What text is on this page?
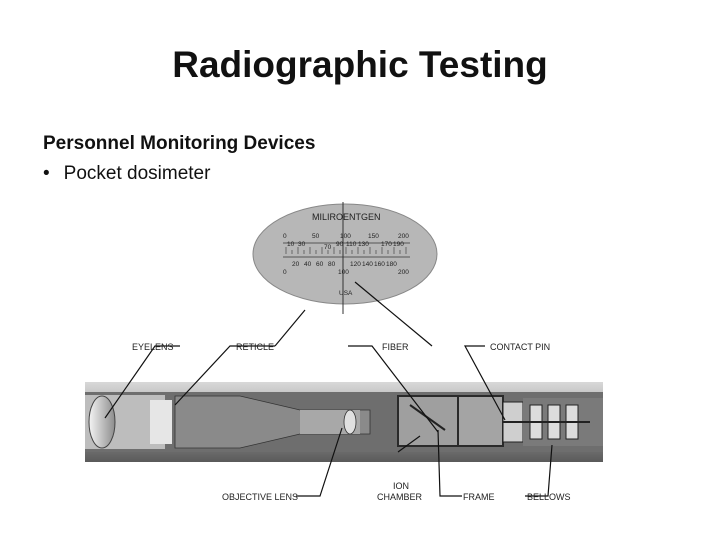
Radiographic Testing
Personnel Monitoring Devices
• Pocket dosimeter
MILIROENTGEN
0	50	100	150	200
10 30	70 90 110 130 170 190
20 40 60 80 120 140 160 180
0	100	200
USA
EYELENS	RETICLE	FIBER	CONTACT PIN
OBJECTIVE LENS
ION
CHAMBER	FRAME	BELLOWS
